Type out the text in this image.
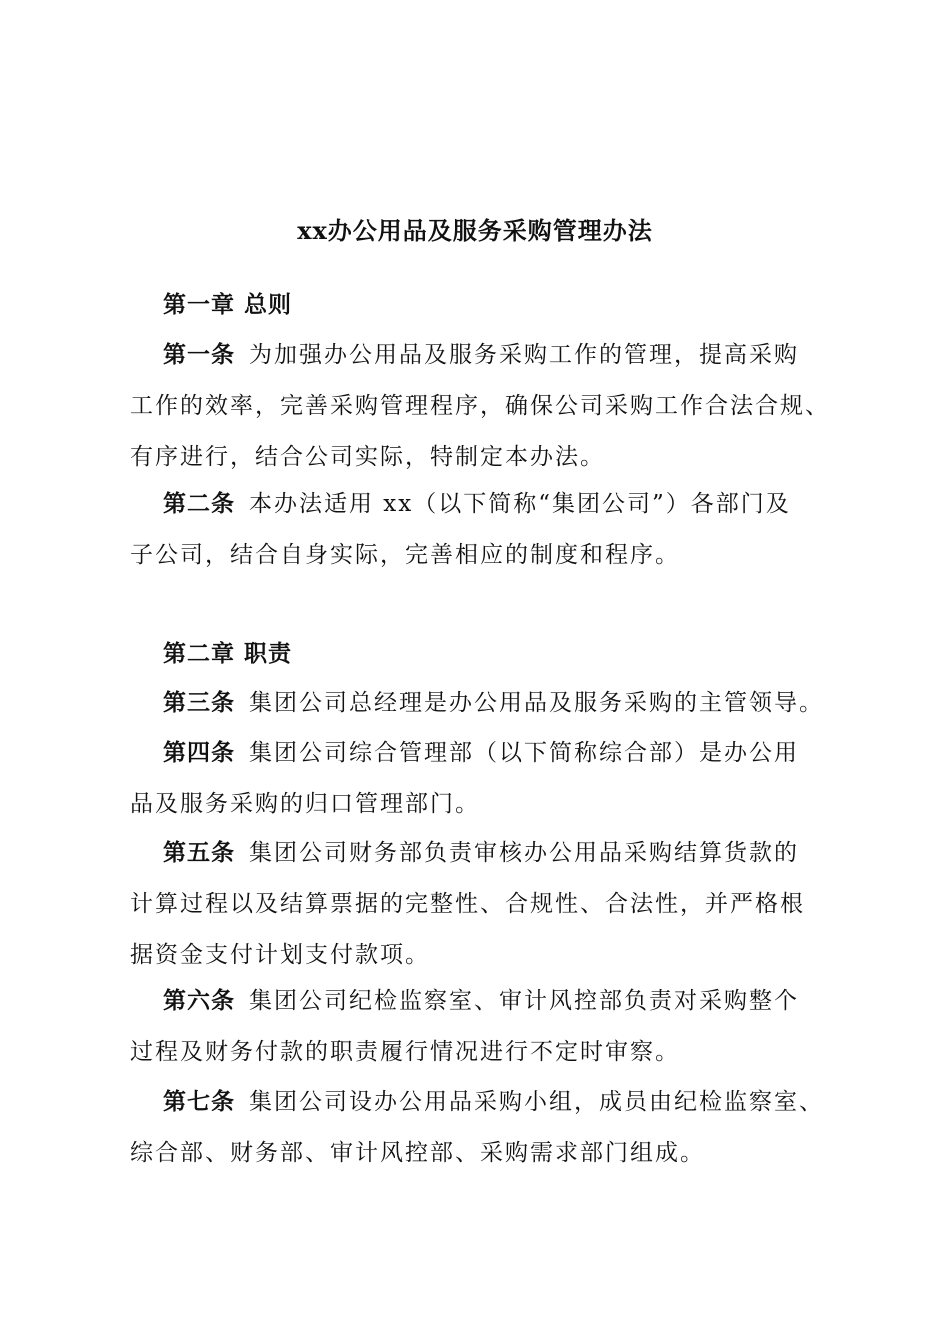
xx办公用品及服务采购管理办法
第一章 总则
第一条 为加强办公用品及服务采购工作的管理，提高采购
工作的效率，完善采购管理程序，确保公司采购工作合法合规、
有序进行，结合公司实际，特制定本办法。
第二条 本办法适用 xx（以下简称“集团公司”）各部门及
子公司，结合自身实际，完善相应的制度和程序。
第二章 职责
第三条 集团公司总经理是办公用品及服务采购的主管领导。
第四条 集团公司综合管理部（以下简称综合部）是办公用
品及服务采购的归口管理部门。
第五条 集团公司财务部负责审核办公用品采购结算货款的
计算过程以及结算票据的完整性、合规性、合法性，并严格根
据资金支付计划支付款项。
第六条 集团公司纪检监察室、审计风控部负责对采购整个
过程及财务付款的职责履行情况进行不定时审察。
第七条 集团公司设办公用品采购小组，成员由纪检监察室、
综合部、财务部、审计风控部、采购需求部门组成。
